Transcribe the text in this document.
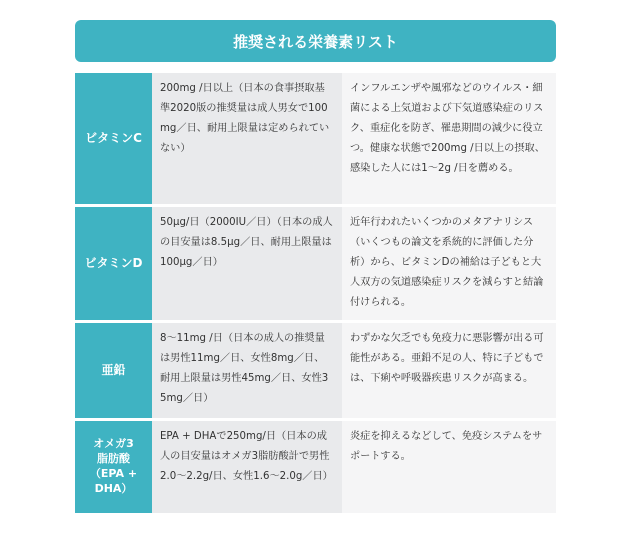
推奨される栄養素リスト
ビタミンC
200mg /日以上（日本の食事摂取基準2020版の推奨量は成人男女で100mg／日、耐用上限量は定められていない）
インフルエンザや風邪などのウイルス・細菌による上気道および下気道感染症のリスク、重症化を防ぎ、罹患期間の減少に役立つ。健康な状態で200mg /日以上の摂取、感染した人には1〜2g /日を薦める。
ビタミンD
50μg/日（2000IU／日）（日本の成人の目安量は8.5μg／日、耐用上限量は100μg／日）
近年行われたいくつかのメタアナリシス（いくつもの論文を系統的に評価した分析）から、ビタミンDの補給は子どもと大人双方の気道感染症リスクを減らすと結論付けられる。
亜鉛
8〜11mg /日（日本の成人の推奨量は男性11mg／日、女性8mg／日、耐用上限量は男性45mg／日、女性35mg／日）
わずかな欠乏でも免疫力に悪影響が出る可能性がある。亜鉛不足の人、特に子どもでは、下痢や呼吸器疾患リスクが高まる。
オメガ3
脂肪酸
（EPA + DHA）
EPA + DHAで250mg/日（日本の成人の目安量はオメガ3脂肪酸計で男性2.0〜2.2g/日、女性1.6〜2.0g／日）
炎症を抑えるなどして、免疫システムをサポートする。
